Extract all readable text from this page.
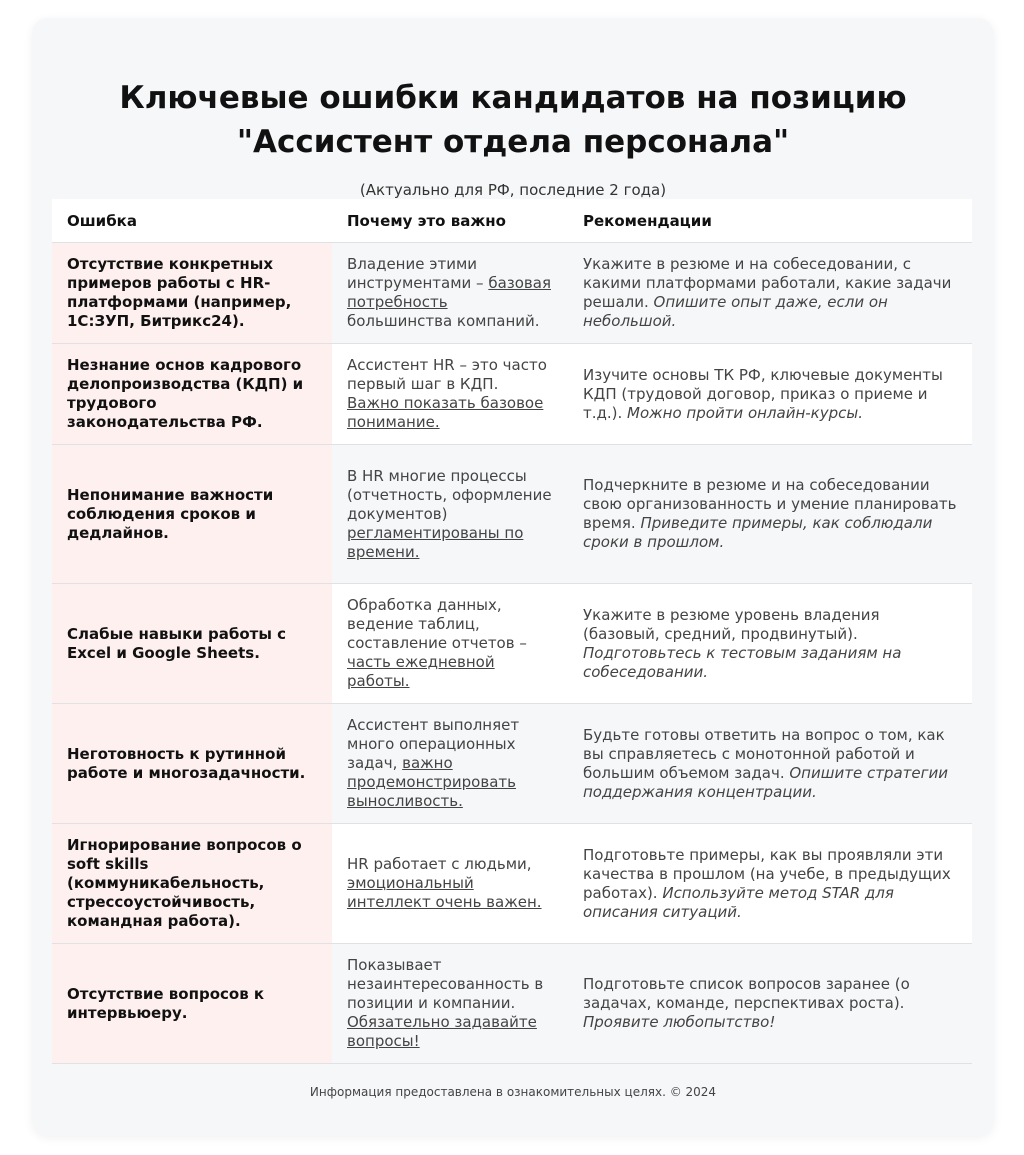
Ключевые ошибки кандидатов на позицию
"Ассистент отдела персонала"
(Актуально для РФ, последние 2 года)
Ошибка	Почему это важно	Рекомендации
Отсутствие конкретных примеров работы с HR-платформами (например, 1С:ЗУП, Битрикс24).	Владение этими инструментами – базовая потребность большинства компаний.	Укажите в резюме и на собеседовании, с какими платформами работали, какие задачи решали. Опишите опыт даже, если он небольшой.
Незнание основ кадрового делопроизводства (КДП) и трудового законодательства РФ.	Ассистент HR – это часто первый шаг в КДП. Важно показать базовое понимание.	Изучите основы ТК РФ, ключевые документы КДП (трудовой договор, приказ о приеме и т.д.). Можно пройти онлайн-курсы.
Непонимание важности соблюдения сроков и дедлайнов.	В HR многие процессы (отчетность, оформление документов) регламентированы по времени.	Подчеркните в резюме и на собеседовании свою организованность и умение планировать время. Приведите примеры, как соблюдали сроки в прошлом.
Слабые навыки работы с Excel и Google Sheets.	Обработка данных, ведение таблиц, составление отчетов – часть ежедневной работы.	Укажите в резюме уровень владения (базовый, средний, продвинутый). Подготовьтесь к тестовым заданиям на собеседовании.
Неготовность к рутинной работе и многозадачности.	Ассистент выполняет много операционных задач, важно продемонстрировать выносливость.	Будьте готовы ответить на вопрос о том, как вы справляетесь с монотонной работой и большим объемом задач. Опишите стратегии поддержания концентрации.
Игнорирование вопросов о soft skills (коммуникабельность, стрессоустойчивость, командная работа).	HR работает с людьми, эмоциональный интеллект очень важен.	Подготовьте примеры, как вы проявляли эти качества в прошлом (на учебе, в предыдущих работах). Используйте метод STAR для описания ситуаций.
Отсутствие вопросов к интервьюеру.	Показывает незаинтересованность в позиции и компании. Обязательно задавайте вопросы!	Подготовьте список вопросов заранее (о задачах, команде, перспективах роста). Проявите любопытство!
Информация предоставлена в ознакомительных целях. © 2024
